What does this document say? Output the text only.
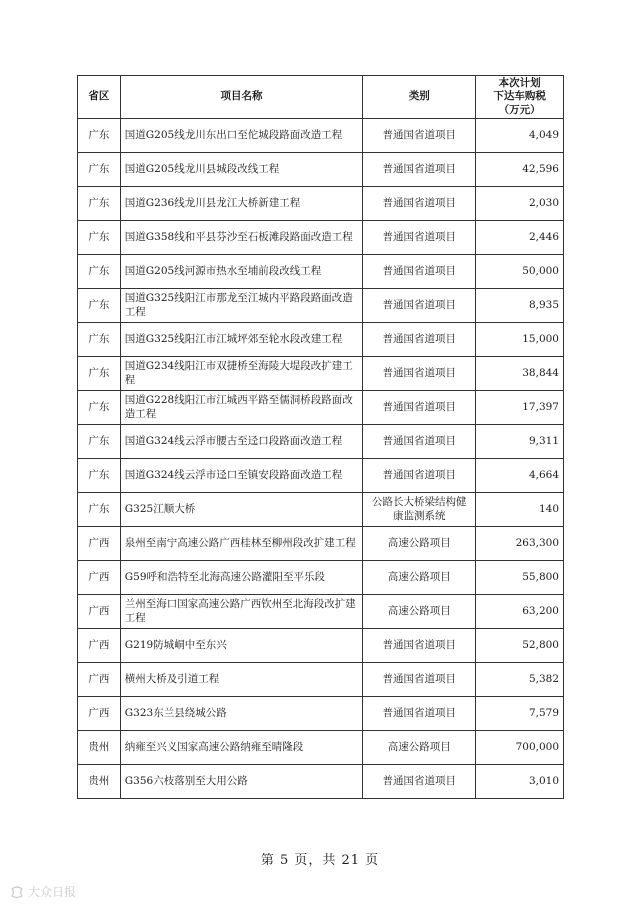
省区	项目名称	类别	本次计划
下达车购税
（万元）

广东	国道G205线龙川东出口至佗城段路面改造工程	普通国省道项目	4,049
广东	国道G205线龙川县城段改线工程	普通国省道项目	42,596
广东	国道G236线龙川县龙江大桥新建工程	普通国省道项目	2,030
广东	国道G358线和平县芬沙至石板滩段路面改造工程	普通国省道项目	2,446
广东	国道G205线河源市热水至埔前段改线工程	普通国省道项目	50,000
广东	国道G325线阳江市那龙至江城内平路段路面改造工程	普通国省道项目	8,935
广东	国道G325线阳江市江城坪郊至轮水段改建工程	普通国省道项目	15,000
广东	国道G234线阳江市双捷桥至海陵大堤段改扩建工程	普通国省道项目	38,844
广东	国道G228线阳江市江城西平路至儒洞桥段路面改造工程	普通国省道项目	17,397
广东	国道G324线云浮市腰古至迳口段路面改造工程	普通国省道项目	9,311
广东	国道G324线云浮市迳口至镇安段路面改造工程	普通国省道项目	4,664
广东	G325江顺大桥	公路长大桥梁结构健康监测系统	140
广西	泉州至南宁高速公路广西桂林至柳州段改扩建工程	高速公路项目	263,300
广西	G59呼和浩特至北海高速公路灌阳至平乐段	高速公路项目	55,800
广西	兰州至海口国家高速公路广西钦州至北海段改扩建工程	高速公路项目	63,200
广西	G219防城峒中至东兴	普通国省道项目	52,800
广西	横州大桥及引道工程	普通国省道项目	5,382
广西	G323东兰县绕城公路	普通国省道项目	7,579
贵州	纳雍至兴义国家高速公路纳雍至晴隆段	高速公路项目	700,000
贵州	G356六枝落别至大用公路	普通国省道项目	3,010
第 5 页，共 21 页
大众日报
